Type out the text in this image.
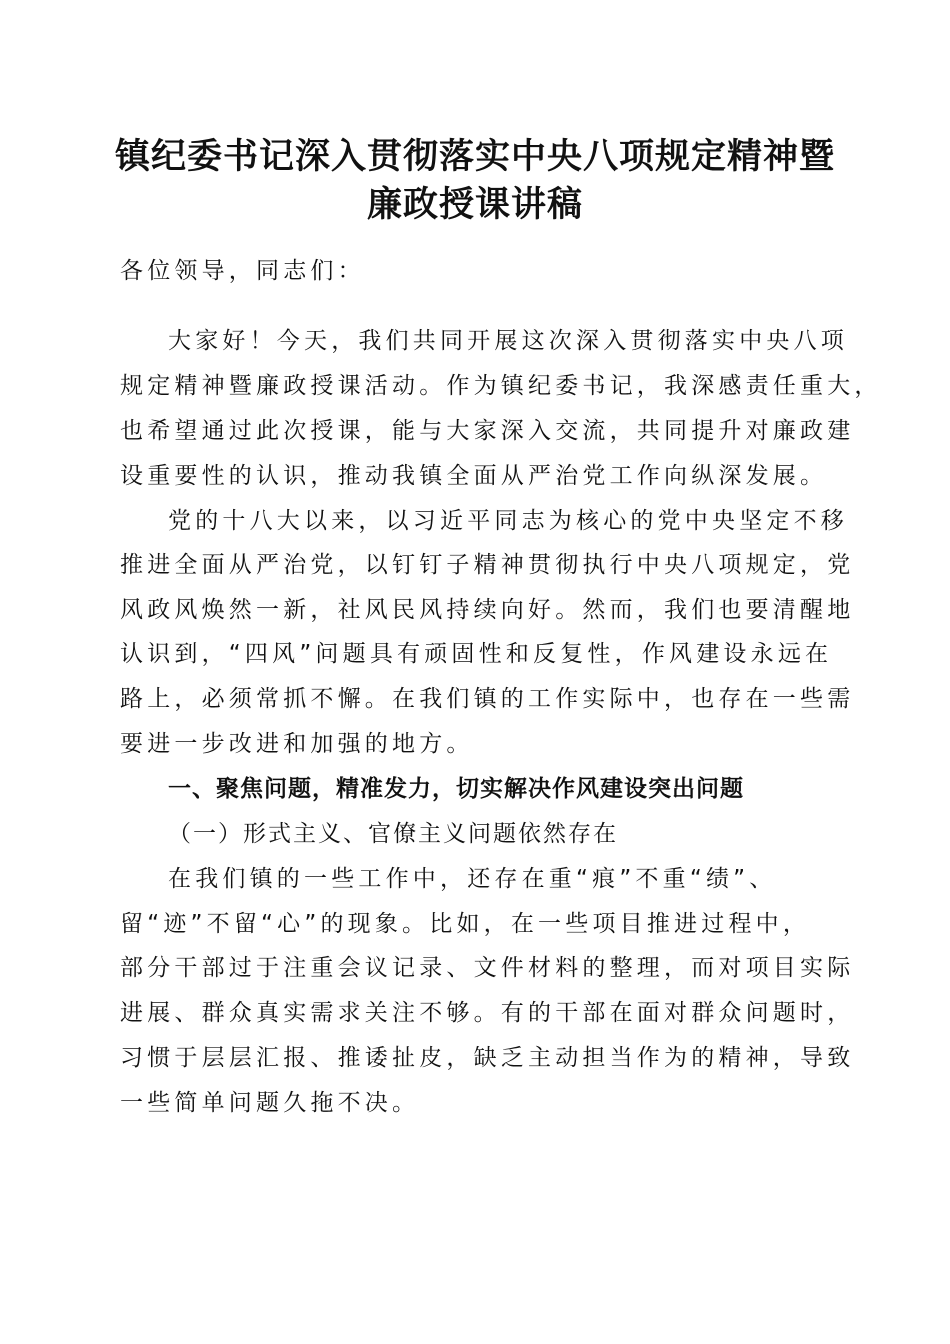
镇纪委书记深入贯彻落实中央八项规定精神暨
廉政授课讲稿
各位领导，同志们：
大家好！今天，我们共同开展这次深入贯彻落实中央八项
规定精神暨廉政授课活动。作为镇纪委书记，我深感责任重大，
也希望通过此次授课，能与大家深入交流，共同提升对廉政建
设重要性的认识，推动我镇全面从严治党工作向纵深发展。
党的十八大以来，以习近平同志为核心的党中央坚定不移
推进全面从严治党，以钉钉子精神贯彻执行中央八项规定，党
风政风焕然一新，社风民风持续向好。然而，我们也要清醒地
认识到，“四风”问题具有顽固性和反复性，作风建设永远在
路上，必须常抓不懈。在我们镇的工作实际中，也存在一些需
要进一步改进和加强的地方。
一、聚焦问题，精准发力，切实解决作风建设突出问题
（一）形式主义、官僚主义问题依然存在
在我们镇的一些工作中，还存在重“痕”不重“绩”、
留“迹”不留“心”的现象。比如，在一些项目推进过程中，
部分干部过于注重会议记录、文件材料的整理，而对项目实际
进展、群众真实需求关注不够。有的干部在面对群众问题时，
习惯于层层汇报、推诿扯皮，缺乏主动担当作为的精神，导致
一些简单问题久拖不决。
